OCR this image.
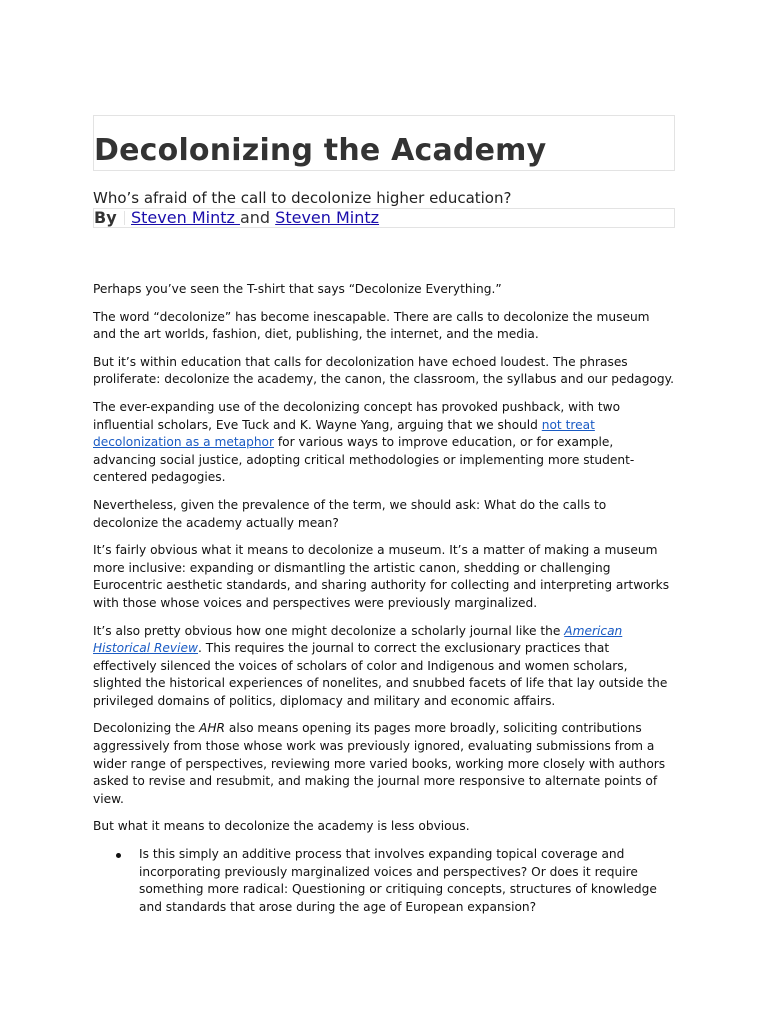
Decolonizing the Academy
Who’s afraid of the call to decolonize higher education?
By Steven Mintz and Steven Mintz

Perhaps you’ve seen the T-shirt that says “Decolonize Everything.”

The word “decolonize” has become inescapable. There are calls to decolonize the museum and the art worlds, fashion, diet, publishing, the internet, and the media.

But it’s within education that calls for decolonization have echoed loudest. The phrases proliferate: decolonize the academy, the canon, the classroom, the syllabus and our pedagogy.

The ever-expanding use of the decolonizing concept has provoked pushback, with two influential scholars, Eve Tuck and K. Wayne Yang, arguing that we should not treat decolonization as a metaphor for various ways to improve education, or for example, advancing social justice, adopting critical methodologies or implementing more student-centered pedagogies.

Nevertheless, given the prevalence of the term, we should ask: What do the calls to decolonize the academy actually mean?

It’s fairly obvious what it means to decolonize a museum. It’s a matter of making a museum more inclusive: expanding or dismantling the artistic canon, shedding or challenging Eurocentric aesthetic standards, and sharing authority for collecting and interpreting artworks with those whose voices and perspectives were previously marginalized.

It’s also pretty obvious how one might decolonize a scholarly journal like the American Historical Review. This requires the journal to correct the exclusionary practices that effectively silenced the voices of scholars of color and Indigenous and women scholars, slighted the historical experiences of nonelites, and snubbed facets of life that lay outside the privileged domains of politics, diplomacy and military and economic affairs.

Decolonizing the AHR also means opening its pages more broadly, soliciting contributions aggressively from those whose work was previously ignored, evaluating submissions from a wider range of perspectives, reviewing more varied books, working more closely with authors asked to revise and resubmit, and making the journal more responsive to alternate points of view.

But what it means to decolonize the academy is less obvious.

Is this simply an additive process that involves expanding topical coverage and incorporating previously marginalized voices and perspectives? Or does it require something more radical: Questioning or critiquing concepts, structures of knowledge and standards that arose during the age of European expansion?
